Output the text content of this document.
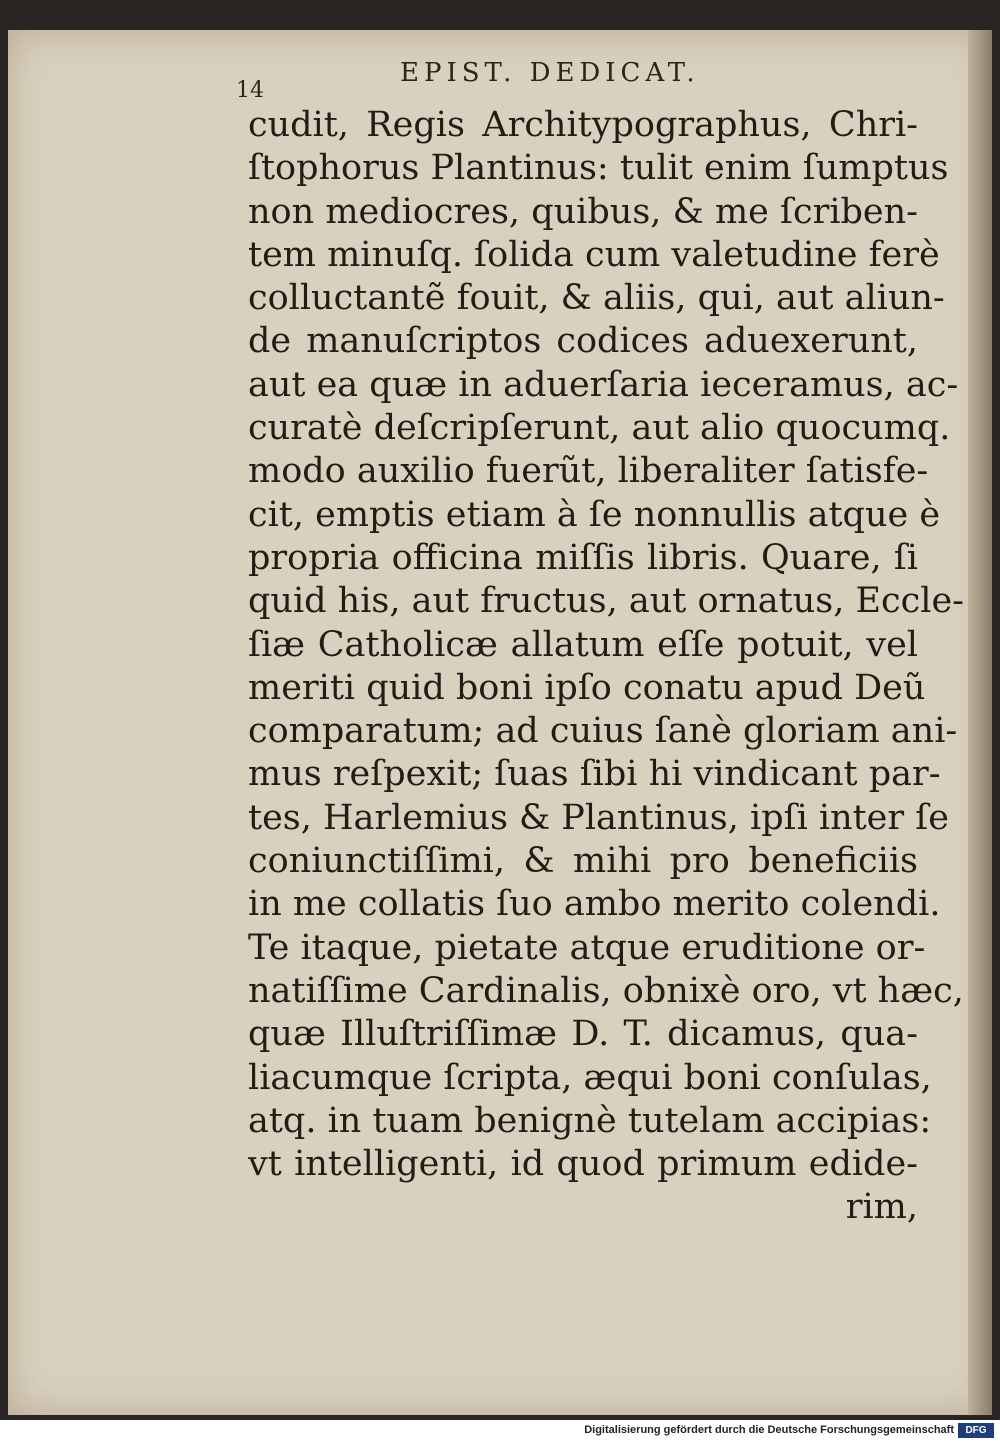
14
EPIST. DEDICAT.
cudit, Regis Architypographus, Chri-
ſtophorus Plantinus: tulit enim ſumptus
non mediocres, quibus, & me ſcriben-
tem minuſq. ſolida cum valetudine ferè
colluctantẽ fouit, & aliis, qui, aut aliun-
de manuſcriptos codices aduexerunt,
aut ea quæ in aduerſaria ieceramus, ac-
curatè deſcripſerunt, aut alio quocumq.
modo auxilio fuerũt, liberaliter ſatisfe-
cit, emptis etiam à ſe nonnullis atque è
propria officina miſſis libris. Quare, ſi
quid his, aut fructus, aut ornatus, Eccle-
ſiæ Catholicæ allatum eſſe potuit, vel
meriti quid boni ipſo conatu apud Deũ
comparatum; ad cuius ſanè gloriam ani-
mus reſpexit; ſuas ſibi hi vindicant par-
tes, Harlemius & Plantinus, ipſi inter ſe
coniunctiſſimi, & mihi pro beneficiis
in me collatis ſuo ambo merito colendi.
Te itaque, pietate atque eruditione or-
natiſſime Cardinalis, obnixè oro, vt hæc,
quæ Illuſtriſſimæ D. T. dicamus, qua-
liacumque ſcripta, æqui boni conſulas,
atq. in tuam benignè tutelam accipias:
vt intelligenti, id quod primum edide-
rim,
Digitalisierung gefördert durch die Deutsche Forschungsgemeinschaft	DFG
